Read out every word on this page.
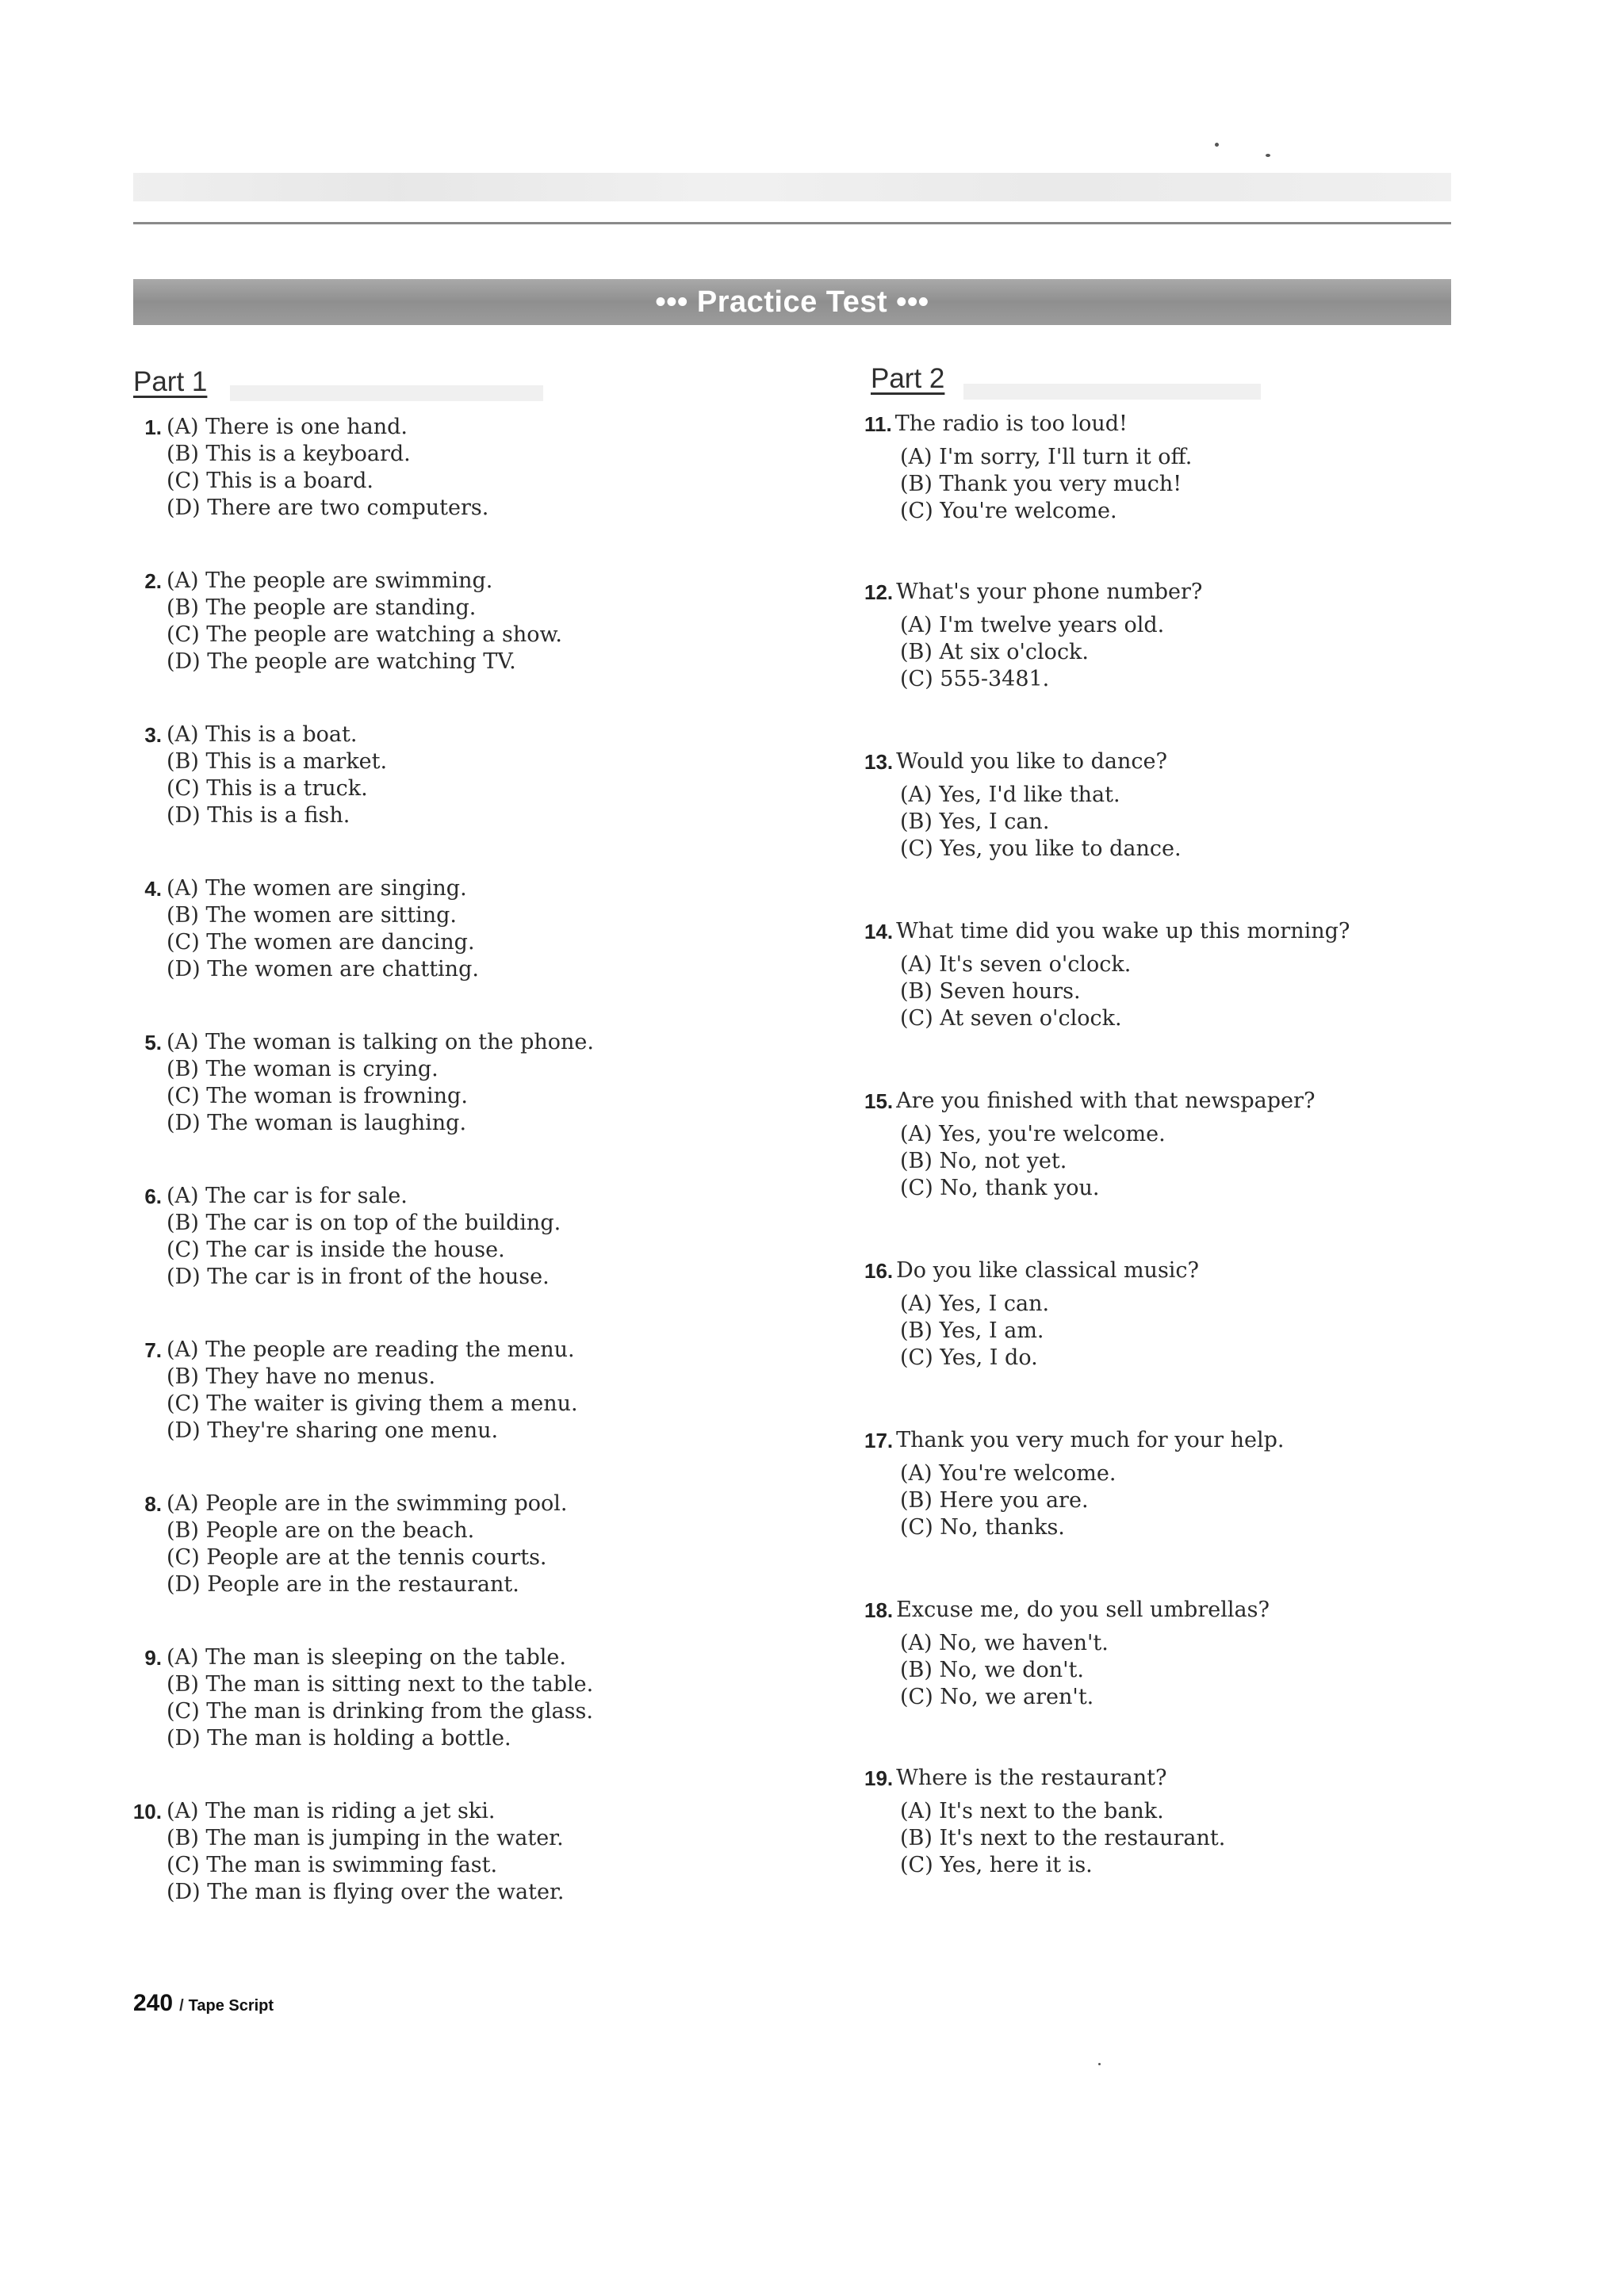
••• Practice Test •••
Part 1
1. (A) There is one hand.
(B) This is a keyboard.
(C) This is a board.
(D) There are two computers.
2. (A) The people are swimming.
(B) The people are standing.
(C) The people are watching a show.
(D) The people are watching TV.
3. (A) This is a boat.
(B) This is a market.
(C) This is a truck.
(D) This is a fish.
4. (A) The women are singing.
(B) The women are sitting.
(C) The women are dancing.
(D) The women are chatting.
5. (A) The woman is talking on the phone.
(B) The woman is crying.
(C) The woman is frowning.
(D) The woman is laughing.
6. (A) The car is for sale.
(B) The car is on top of the building.
(C) The car is inside the house.
(D) The car is in front of the house.
7. (A) The people are reading the menu.
(B) They have no menus.
(C) The waiter is giving them a menu.
(D) They're sharing one menu.
8. (A) People are in the swimming pool.
(B) People are on the beach.
(C) People are at the tennis courts.
(D) People are in the restaurant.
9. (A) The man is sleeping on the table.
(B) The man is sitting next to the table.
(C) The man is drinking from the glass.
(D) The man is holding a bottle.
10. (A) The man is riding a jet ski.
(B) The man is jumping in the water.
(C) The man is swimming fast.
(D) The man is flying over the water.
Part 2
11. The radio is too loud!
(A) I'm sorry, I'll turn it off.
(B) Thank you very much!
(C) You're welcome.
12. What's your phone number?
(A) I'm twelve years old.
(B) At six o'clock.
(C) 555-3481.
13. Would you like to dance?
(A) Yes, I'd like that.
(B) Yes, I can.
(C) Yes, you like to dance.
14. What time did you wake up this morning?
(A) It's seven o'clock.
(B) Seven hours.
(C) At seven o'clock.
15. Are you finished with that newspaper?
(A) Yes, you're welcome.
(B) No, not yet.
(C) No, thank you.
16. Do you like classical music?
(A) Yes, I can.
(B) Yes, I am.
(C) Yes, I do.
17. Thank you very much for your help.
(A) You're welcome.
(B) Here you are.
(C) No, thanks.
18. Excuse me, do you sell umbrellas?
(A) No, we haven't.
(B) No, we don't.
(C) No, we aren't.
19. Where is the restaurant?
(A) It's next to the bank.
(B) It's next to the restaurant.
(C) Yes, here it is.
240 / Tape Script
